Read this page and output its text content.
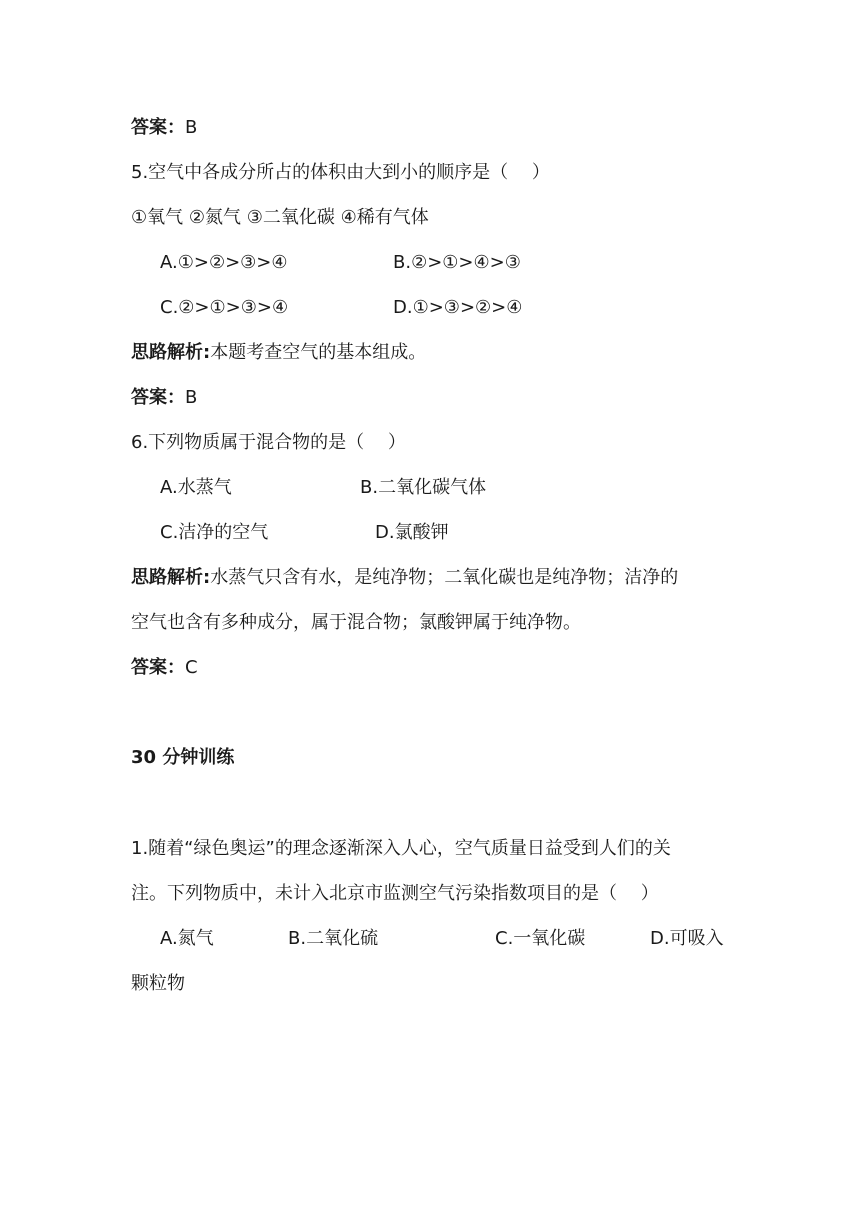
答案：B
5.空气中各成分所占的体积由大到小的顺序是（　 ）
①氧气 ②氮气 ③二氧化碳 ④稀有气体
A.①>②>③>④	B.②>①>④>③
C.②>①>③>④	D.①>③>②>④
思路解析:本题考查空气的基本组成。
答案：B
6.下列物质属于混合物的是（　 ）
A.水蒸气	B.二氧化碳气体
C.洁净的空气	D.氯酸钾
思路解析:水蒸气只含有水，是纯净物；二氧化碳也是纯净物；洁净的
空气也含有多种成分，属于混合物；氯酸钾属于纯净物。
答案：C
30 分钟训练
1.随着“绿色奥运”的理念逐渐深入人心，空气质量日益受到人们的关
注。下列物质中，未计入北京市监测空气污染指数项目的是（　 ）
A.氮气	B.二氧化硫	C.一氧化碳	D.可吸入
颗粒物
